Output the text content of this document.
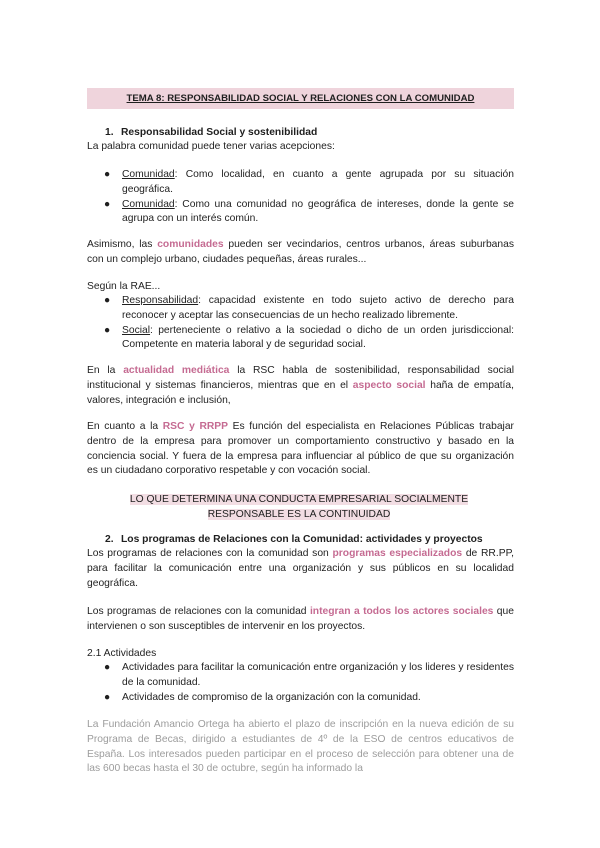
TEMA 8: RESPONSABILIDAD SOCIAL Y RELACIONES CON LA COMUNIDAD
1. Responsabilidad Social y sostenibilidad

La palabra comunidad puede tener varias acepciones:

● Comunidad: Como localidad, en cuanto a gente agrupada por su situación geográfica.
● Comunidad: Como una comunidad no geográfica de intereses, donde la gente se agrupa con un interés común.

Asimismo, las comunidades pueden ser vecindarios, centros urbanos, áreas suburbanas con un complejo urbano, ciudades pequeñas, áreas rurales...

Según la RAE...

● Responsabilidad: capacidad existente en todo sujeto activo de derecho para reconocer y aceptar las consecuencias de un hecho realizado libremente.
● Social: perteneciente o relativo a la sociedad o dicho de un orden jurisdiccional: Competente en materia laboral y de seguridad social.

En la actualidad mediática la RSC habla de sostenibilidad, responsabilidad social institucional y sistemas financieros, mientras que en el aspecto social haña de empatía, valores, integración e inclusión,

En cuanto a la RSC y RRPP Es función del especialista en Relaciones Públicas trabajar dentro de la empresa para promover un comportamiento constructivo y basado en la conciencia social. Y fuera de la empresa para influenciar al público de que su organización es un ciudadano corporativo respetable y con vocación social.

LO QUE DETERMINA UNA CONDUCTA EMPRESARIAL SOCIALMENTE
RESPONSABLE ES LA CONTINUIDAD
2. Los programas de Relaciones con la Comunidad: actividades y proyectos

Los programas de relaciones con la comunidad son programas especializados de RR.PP, para facilitar la comunicación entre una organización y sus públicos en su localidad geográfica.

Los programas de relaciones con la comunidad integran a todos los actores sociales que intervienen o son susceptibles de intervenir en los proyectos.

2.1 Actividades

● Actividades para facilitar la comunicación entre organización y los lideres y residentes de la comunidad.
● Actividades de compromiso de la organización con la comunidad.

La Fundación Amancio Ortega ha abierto el plazo de inscripción en la nueva edición de su Programa de Becas, dirigido a estudiantes de 4º de la ESO de centros educativos de España. Los interesados pueden participar en el proceso de selección para obtener una de las 600 becas hasta el 30 de octubre, según ha informado la
